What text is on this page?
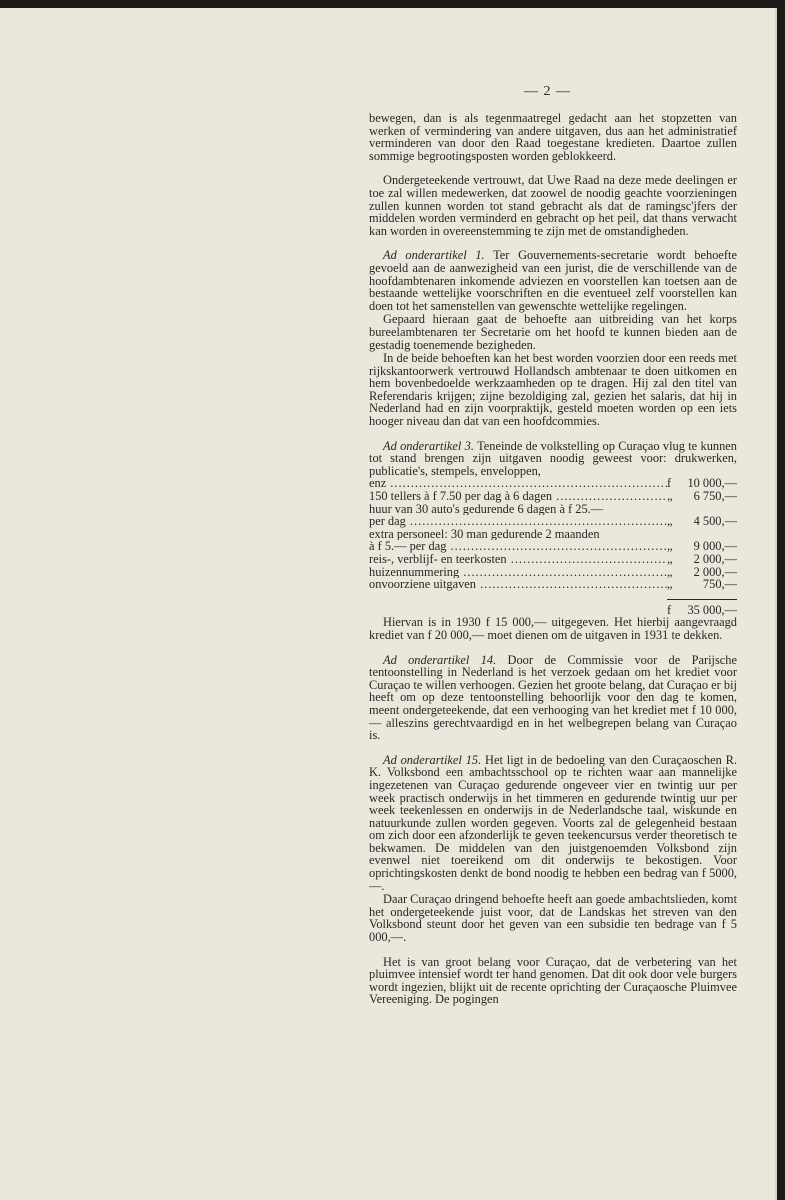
— 2 —

bewegen, dan is als tegenmaatregel gedacht aan het stopzetten van werken of vermindering van andere uitgaven, dus aan het administratief verminderen van door den Raad toegestane kredieten. Daartoe zullen sommige begrootingsposten worden geblokkeerd.

Ondergeteekende vertrouwt, dat Uwe Raad na deze mede deelingen er toe zal willen medewerken, dat zoowel de noodig geachte voorzieningen zullen kunnen worden tot stand gebracht als dat de ramingsc'jfers der middelen worden verminderd en gebracht op het peil, dat thans verwacht kan worden in overeenstemming te zijn met de omstandigheden.

Ad onderartikel 1. Ter Gouvernements-secretarie wordt behoefte gevoeld aan de aanwezigheid van een jurist, die de verschillende van de hoofdambtenaren inkomende adviezen en voorstellen kan toetsen aan de bestaande wettelijke voorschriften en die eventueel zelf voorstellen kan doen tot het samenstellen van gewenschte wettelijke regelingen.

Gepaard hieraan gaat de behoefte aan uitbreiding van het korps bureelambtenaren ter Secretarie om het hoofd te kunnen bieden aan de gestadig toenemende bezigheden.

In de beide behoeften kan het best worden voorzien door een reeds met rijkskantoorwerk vertrouwd Hollandsch ambtenaar te doen uitkomen en hem bovenbedoelde werkzaamheden op te dragen. Hij zal den titel van Referendaris krijgen; zijne bezoldiging zal, gezien het salaris, dat hij in Nederland had en zijn voorpraktijk, gesteld moeten worden op een iets hooger niveau dan dat van een hoofdcommies.

Ad onderartikel 3. Teneinde de volkstelling op Curaçao vlug te kunnen tot stand brengen zijn uitgaven noodig geweest voor: drukwerken, publicatie's, stempels, enveloppen,

enz .....	f	10 000,—
150 tellers à f 7.50 per dag à 6 dagen .....	„	6 750,—
huur van 30 auto's gedurende 6 dagen à f 25.—
per dag .....	„	4 500,—
extra personeel: 30 man gedurende 2 maanden
à f 5.— per dag .....	„	9 000,—
reis-, verblijf- en teerkosten .....	„	2 000,—
huizennummering .....	„	2 000,—
onvoorziene uitgaven .....	„	750,—
f	35 000,—

Hiervan is in 1930 f 15 000,— uitgegeven. Het hierbij aangevraagd krediet van f 20 000,— moet dienen om de uitgaven in 1931 te dekken.

Ad onderartikel 14. Door de Commissie voor de Parijsche tentoonstelling in Nederland is het verzoek gedaan om het krediet voor Curaçao te willen verhoogen. Gezien het groote belang, dat Curaçao er bij heeft om op deze tentoonstelling behoorlijk voor den dag te komen, meent ondergeteekende, dat een verhooging van het krediet met f 10 000,— alleszins gerechtvaardigd en in het welbegrepen belang van Curaçao is.

Ad onderartikel 15. Het ligt in de bedoeling van den Curaçaoschen R. K. Volksbond een ambachtsschool op te richten waar aan mannelijke ingezetenen van Curaçao gedurende ongeveer vier en twintig uur per week practisch onderwijs in het timmeren en gedurende twintig uur per week teekenlessen en onderwijs in de Nederlandsche taal, wiskunde en natuurkunde zullen worden gegeven. Voorts zal de gelegenheid bestaan om zich door een afzonderlijk te geven teekencursus verder theoretisch te bekwamen. De middelen van den juistgenoemden Volksbond zijn evenwel niet toereikend om dit onderwijs te bekostigen. Voor oprichtingskosten denkt de bond noodig te hebben een bedrag van f 5000,—.

Daar Curaçao dringend behoefte heeft aan goede ambachtslieden, komt het ondergeteekende juist voor, dat de Landskas het streven van den Volksbond steunt door het geven van een subsidie ten bedrage van f 5 000,—.

Het is van groot belang voor Curaçao, dat de verbetering van het pluimvee intensief wordt ter hand genomen. Dat dit ook door vele burgers wordt ingezien, blijkt uit de recente oprichting der Curaçaosche Pluimvee Vereeniging. De pogingen
